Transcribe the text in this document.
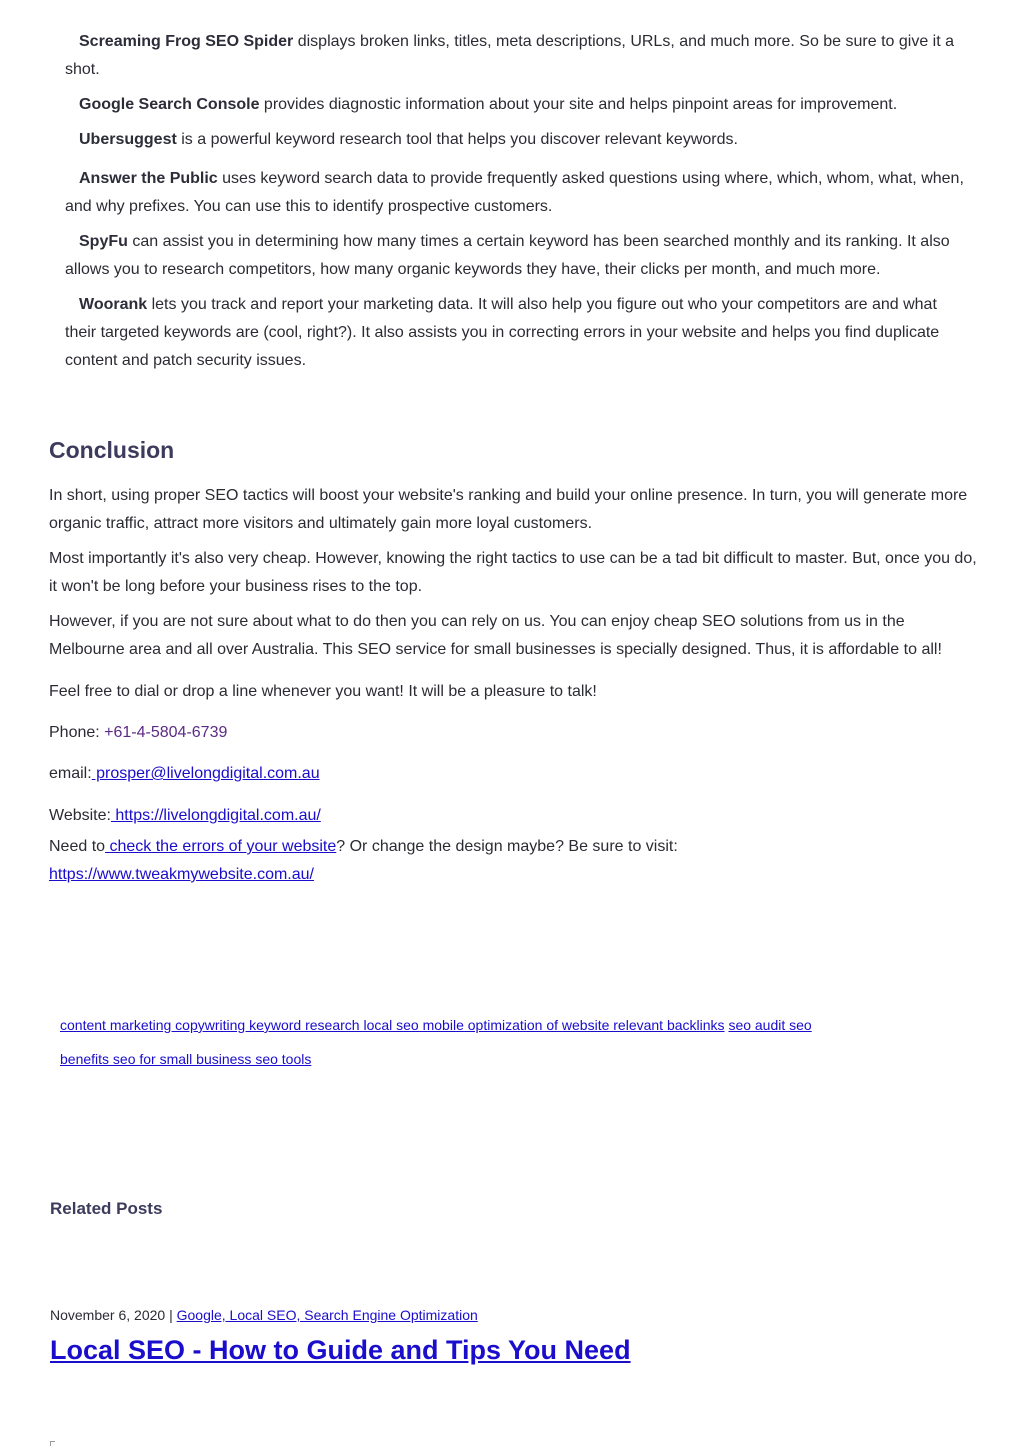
Screaming Frog SEO Spider displays broken links, titles, meta descriptions, URLs, and much more. So be sure to give it a shot.

Google Search Console provides diagnostic information about your site and helps pinpoint areas for improvement.

Ubersuggest is a powerful keyword research tool that helps you discover relevant keywords.

Answer the Public uses keyword search data to provide frequently asked questions using where, which, whom, what, when, and why prefixes. You can use this to identify prospective customers.

SpyFu can assist you in determining how many times a certain keyword has been searched monthly and its ranking. It also allows you to research competitors, how many organic keywords they have, their clicks per month, and much more.

Woorank lets you track and report your marketing data. It will also help you figure out who your competitors are and what their targeted keywords are (cool, right?). It also assists you in correcting errors in your website and helps you find duplicate content and patch security issues.

Conclusion

In short, using proper SEO tactics will boost your website's ranking and build your online presence. In turn, you will generate more organic traffic, attract more visitors and ultimately gain more loyal customers.

Most importantly it's also very cheap. However, knowing the right tactics to use can be a tad bit difficult to master. But, once you do, it won't be long before your business rises to the top.

However, if you are not sure about what to do then you can rely on us. You can enjoy cheap SEO solutions from us in the Melbourne area and all over Australia. This SEO service for small businesses is specially designed. Thus, it is affordable to all!

Feel free to dial or drop a line whenever you want! It will be a pleasure to talk!
Phone: +61-4-5804-6739
email: prosper@livelongdigital.com.au
Website: https://livelongdigital.com.au/
Need to check the errors of your website? Or change the design maybe? Be sure to visit:
https://www.tweakmywebsite.com.au/
content marketing copywriting keyword research local seo mobile optimization of website relevant backlinks seo audit seo
benefits seo for small business seo tools
Related Posts
November 6, 2020 | Google, Local SEO, Search Engine Optimization
Local SEO - How to Guide and Tips You Need
